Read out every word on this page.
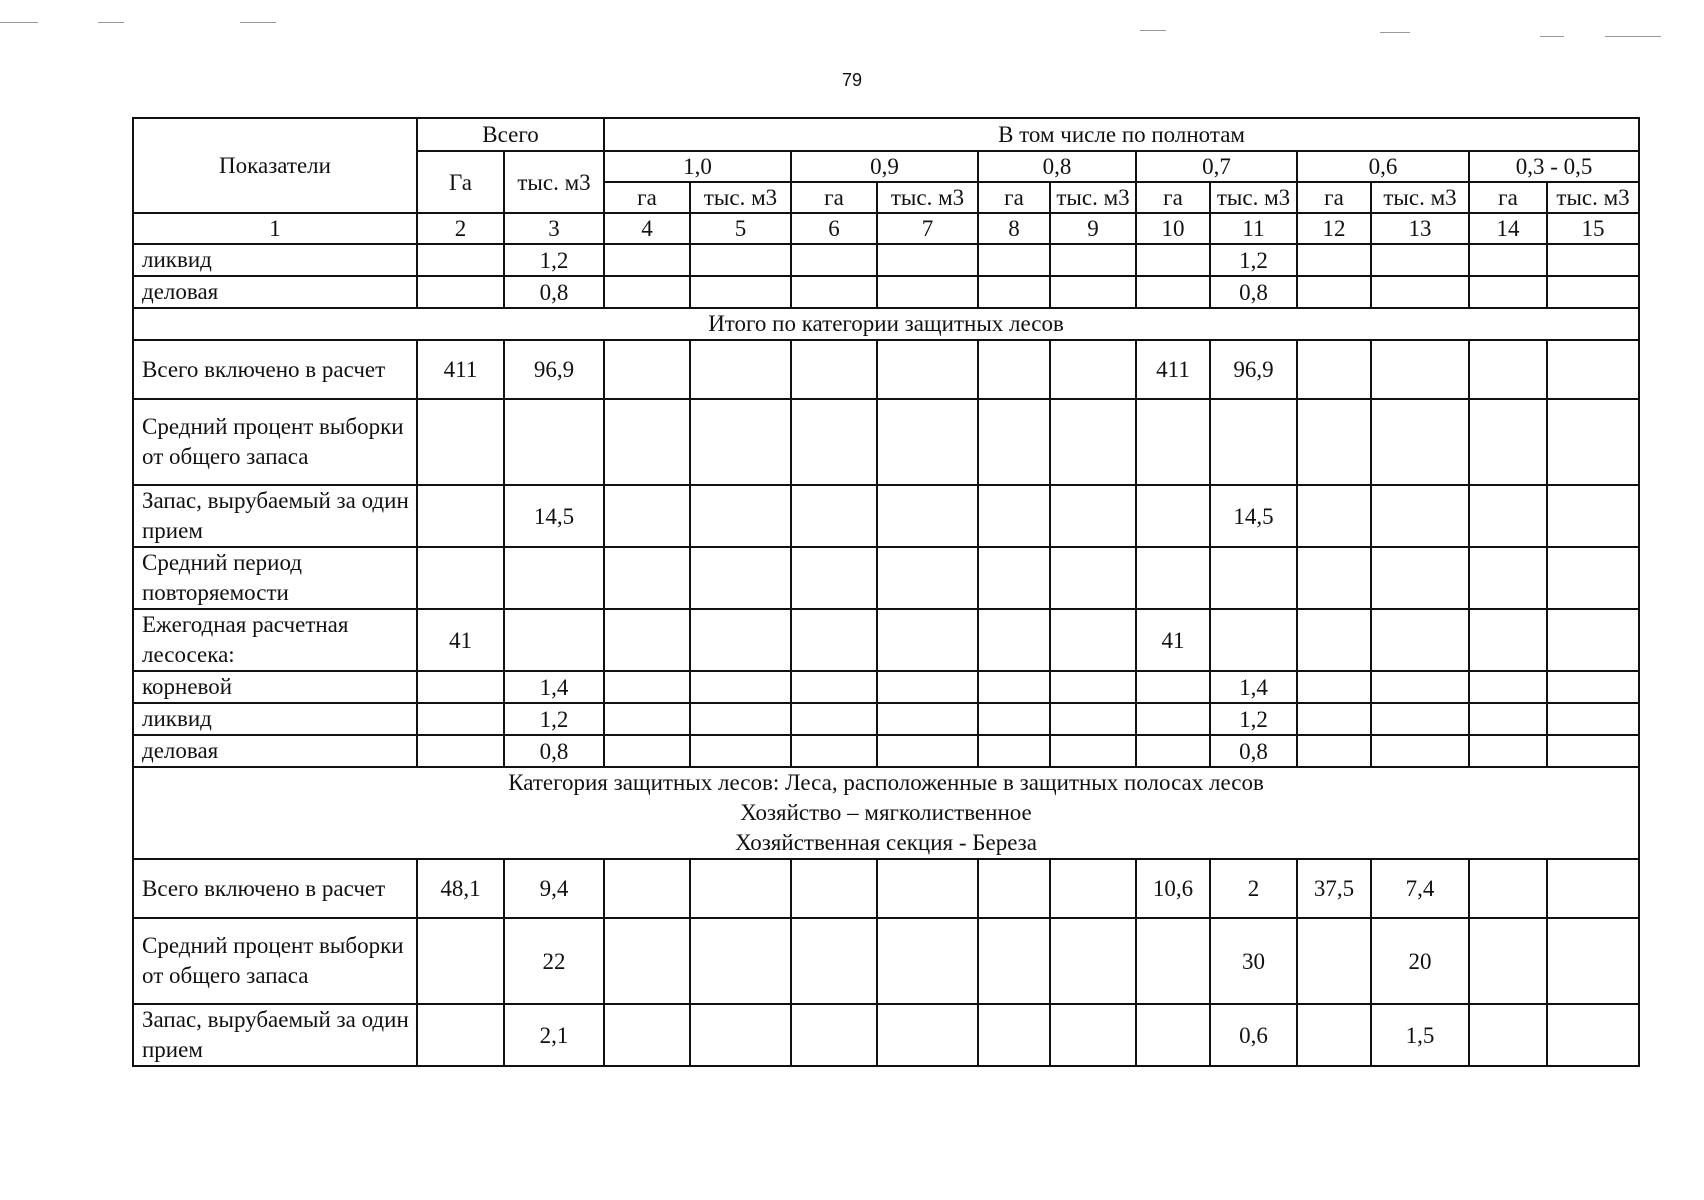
79
Показатели	Всего		В том числе по полнотам											
	Га	тыс. м3	1,0		0,9		0,8		0,7		0,6		0,3 - 0,5	
			га	тыс. м3	га	тыс. м3	га	тыс. м3	га	тыс. м3	га	тыс. м3	га	тыс. м3
1	2	3	4	5	6	7	8	9	10	11	12	13	14	15
ликвид		1,2								1,2				
деловая		0,8								0,8				
Итого по категории защитных лесов														
Всего включено в расчет	411	96,9							411	96,9				
Средний процент выборки от общего запаса														
Запас, вырубаемый за один прием		14,5								14,5				
Средний период повторяемости														
Ежегодная расчетная лесосека:	41								41					
корневой		1,4								1,4				
ликвид		1,2								1,2				
деловая		0,8								0,8				

Категория защитных лесов: Леса, расположенные в защитных полосах лесов
Хозяйство – мягколиственное
Хозяйственная секция - Береза														

Всего включено в расчет	48,1	9,4							10,6	2	37,5	7,4		
Средний процент выборки от общего запаса		22								30		20		
Запас, вырубаемый за один прием		2,1								0,6		1,5		
